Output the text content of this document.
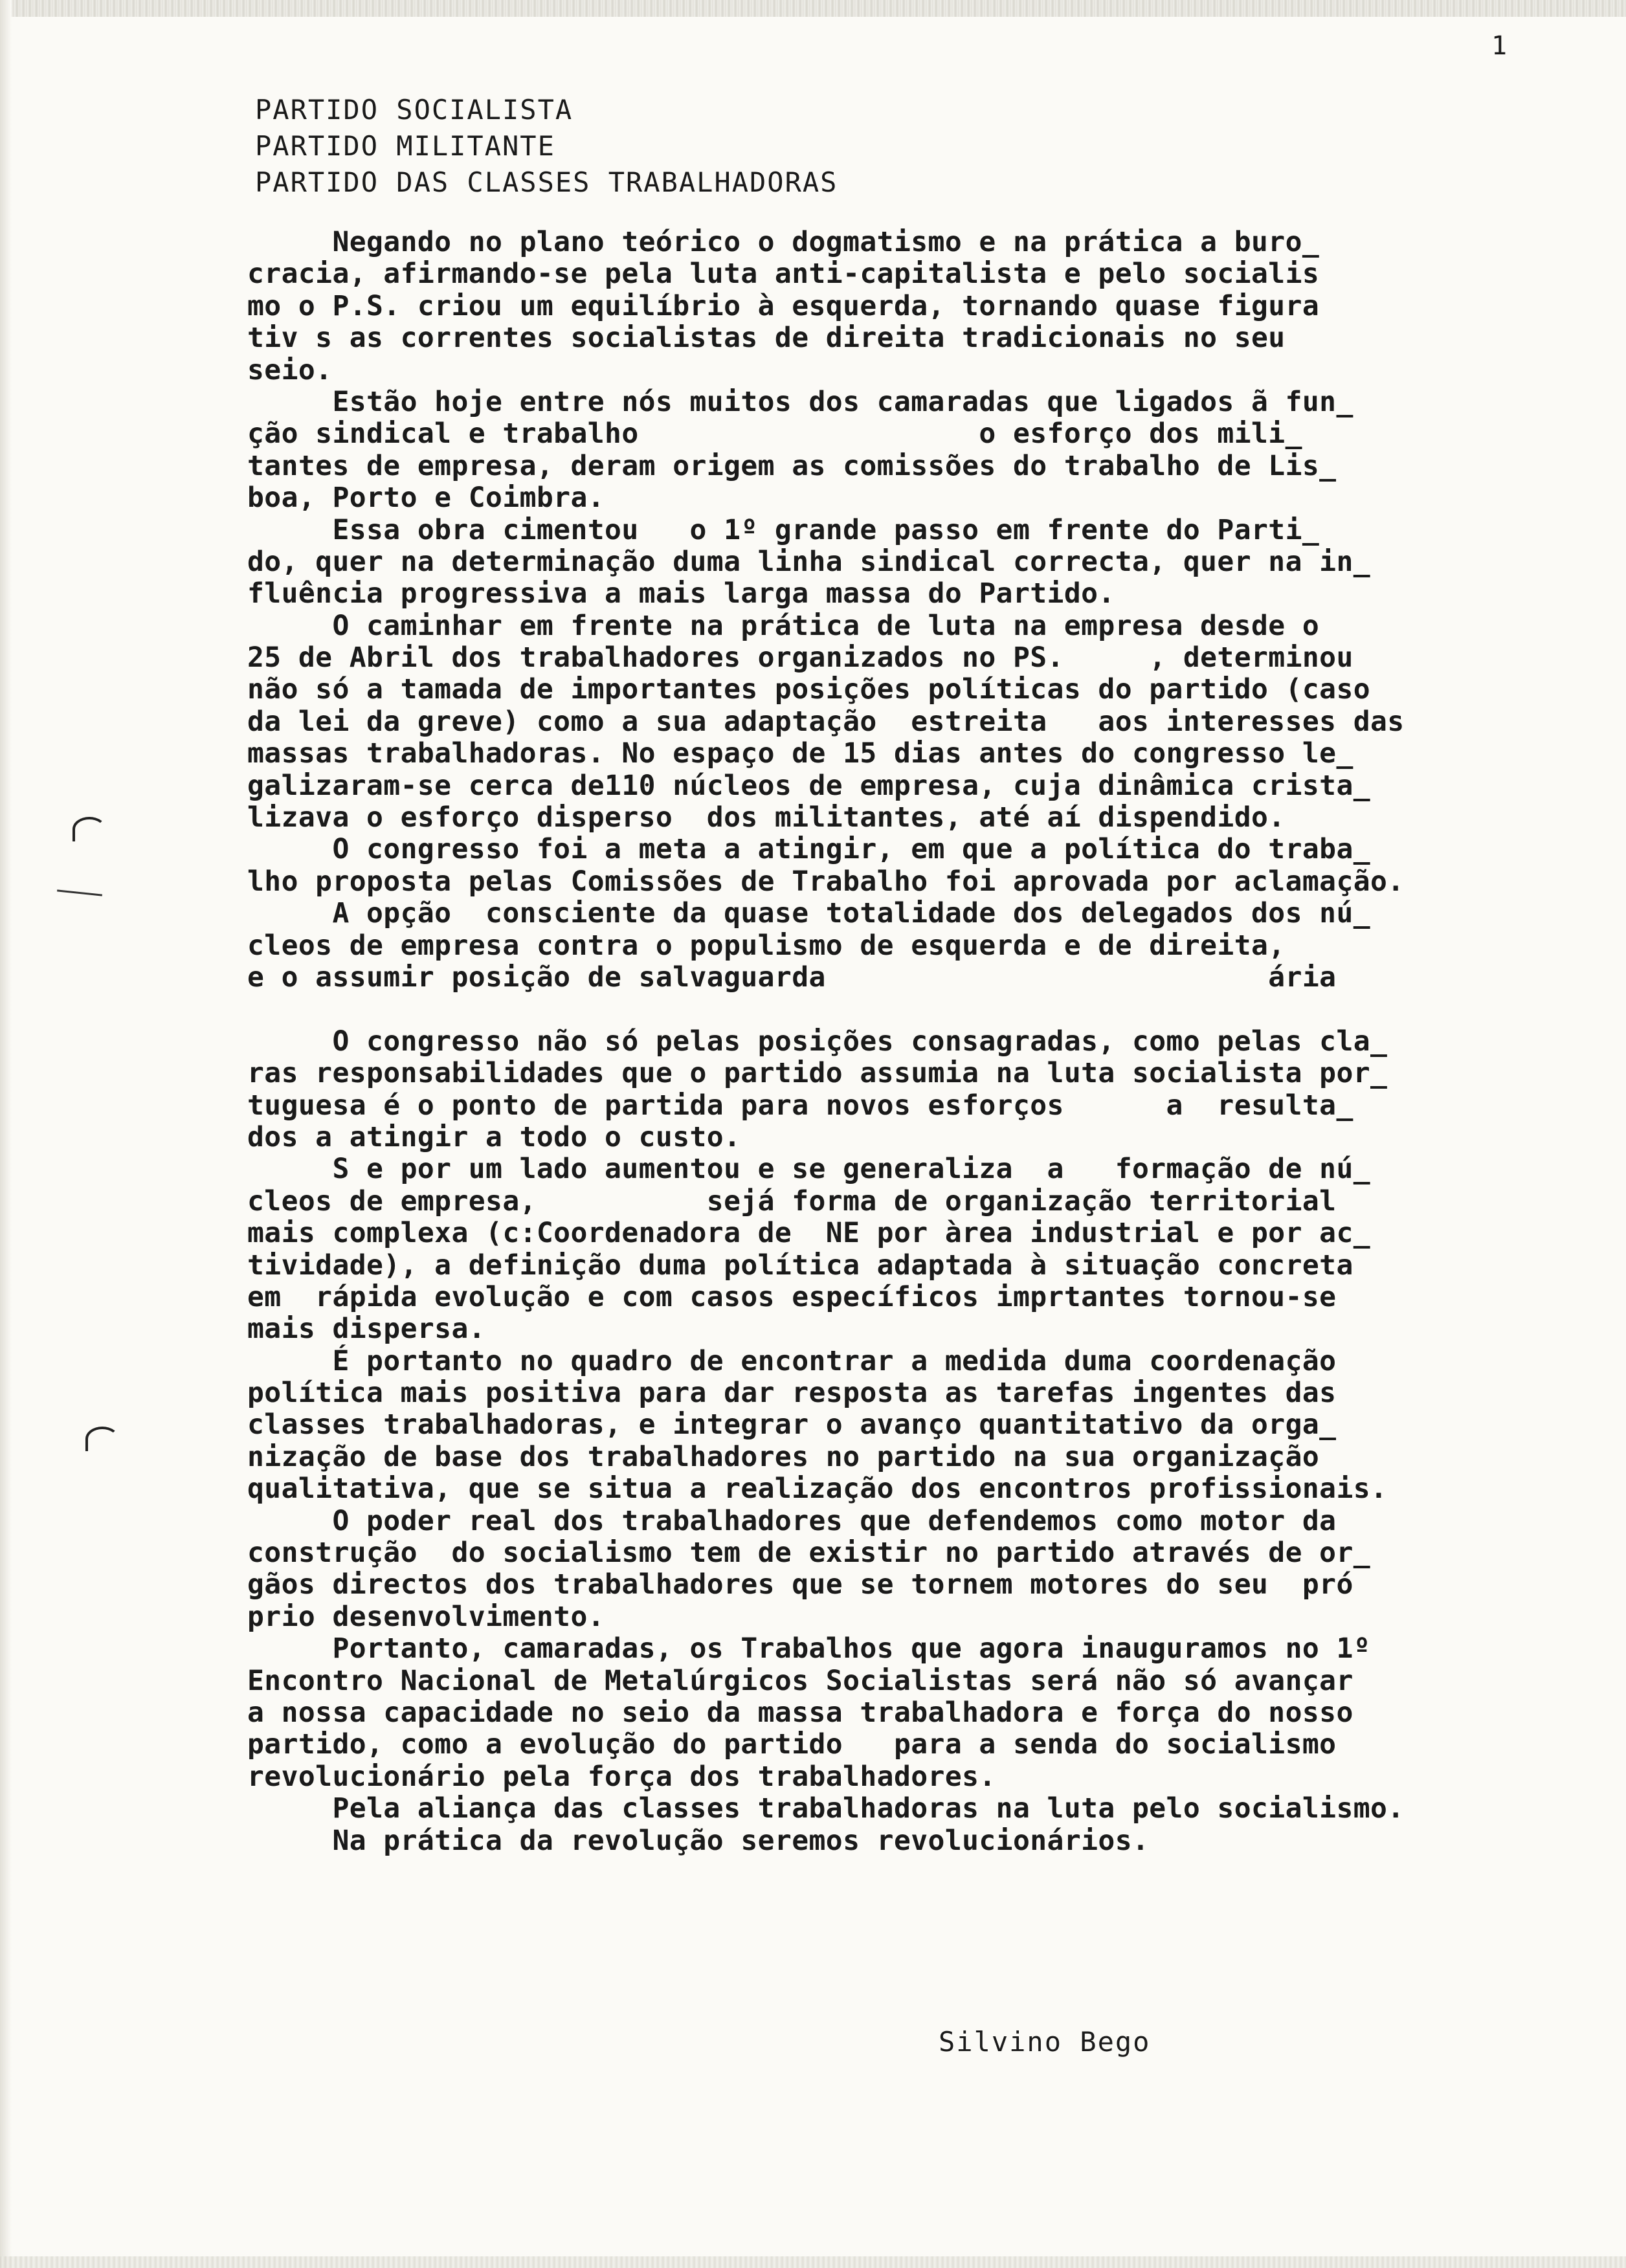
1
PARTIDO SOCIALISTA
PARTIDO MILITANTE
PARTIDO DAS CLASSES TRABALHADORAS
Negando no plano teórico o dogmatismo e na prática a buro_
cracia, afirmando-se pela luta anti-capitalista e pelo socialis
mo o P.S. criou um equilíbrio à esquerda, tornando quase figura
tiv s as correntes socialistas de direita tradicionais no seu
seio.
Estão hoje entre nós muitos dos camaradas que ligados ã fun_
ção sindical e trabalho                    o esforço dos mili_
tantes de empresa, deram origem as comissões do trabalho de Lis_
boa, Porto e Coimbra.
Essa obra cimentou   o 1º grande passo em frente do Parti_
do, quer na determinação duma linha sindical correcta, quer na in_
fluência progressiva a mais larga massa do Partido.
O caminhar em frente na prática de luta na empresa desde o
25 de Abril dos trabalhadores organizados no PS.     , determinou
não só a tamada de importantes posições políticas do partido (caso
da lei da greve) como a sua adaptação  estreita   aos interesses das
massas trabalhadoras. No espaço de 15 dias antes do congresso le_
galizaram-se cerca de110 núcleos de empresa, cuja dinâmica crista_
lizava o esforço disperso  dos militantes, até aí dispendido.
O congresso foi a meta a atingir, em que a política do traba_
lho proposta pelas Comissões de Trabalho foi aprovada por aclamação.
A opção  consciente da quase totalidade dos delegados dos nú_
cleos de empresa contra o populismo de esquerda e de direita,
e o assumir posição de salvaguarda                          ária
O congresso não só pelas posições consagradas, como pelas cla_
ras responsabilidades que o partido assumia na luta socialista por_
tuguesa é o ponto de partida para novos esforços      a  resulta_
dos a atingir a todo o custo.
S e por um lado aumentou e se generaliza  a   formação de nú_
cleos de empresa,          sejá forma de organização territorial
mais complexa (c:Coordenadora de  NE por àrea industrial e por ac_
tividade), a definição duma política adaptada à situação concreta
em  rápida evolução e com casos específicos imprtantes tornou-se
mais dispersa.
É portanto no quadro de encontrar a medida duma coordenação
política mais positiva para dar resposta as tarefas ingentes das
classes trabalhadoras, e integrar o avanço quantitativo da orga_
nização de base dos trabalhadores no partido na sua organização
qualitativa, que se situa a realização dos encontros profissionais.
O poder real dos trabalhadores que defendemos como motor da
construção  do socialismo tem de existir no partido através de or_
gãos directos dos trabalhadores que se tornem motores do seu  pró
prio desenvolvimento.
Portanto, camaradas, os Trabalhos que agora inauguramos no 1º
Encontro Nacional de Metalúrgicos Socialistas será não só avançar
a nossa capacidade no seio da massa trabalhadora e força do nosso
partido, como a evolução do partido   para a senda do socialismo
revolucionário pela força dos trabalhadores.
Pela aliança das classes trabalhadoras na luta pelo socialismo.
Na prática da revolução seremos revolucionários.
Silvino Bego
